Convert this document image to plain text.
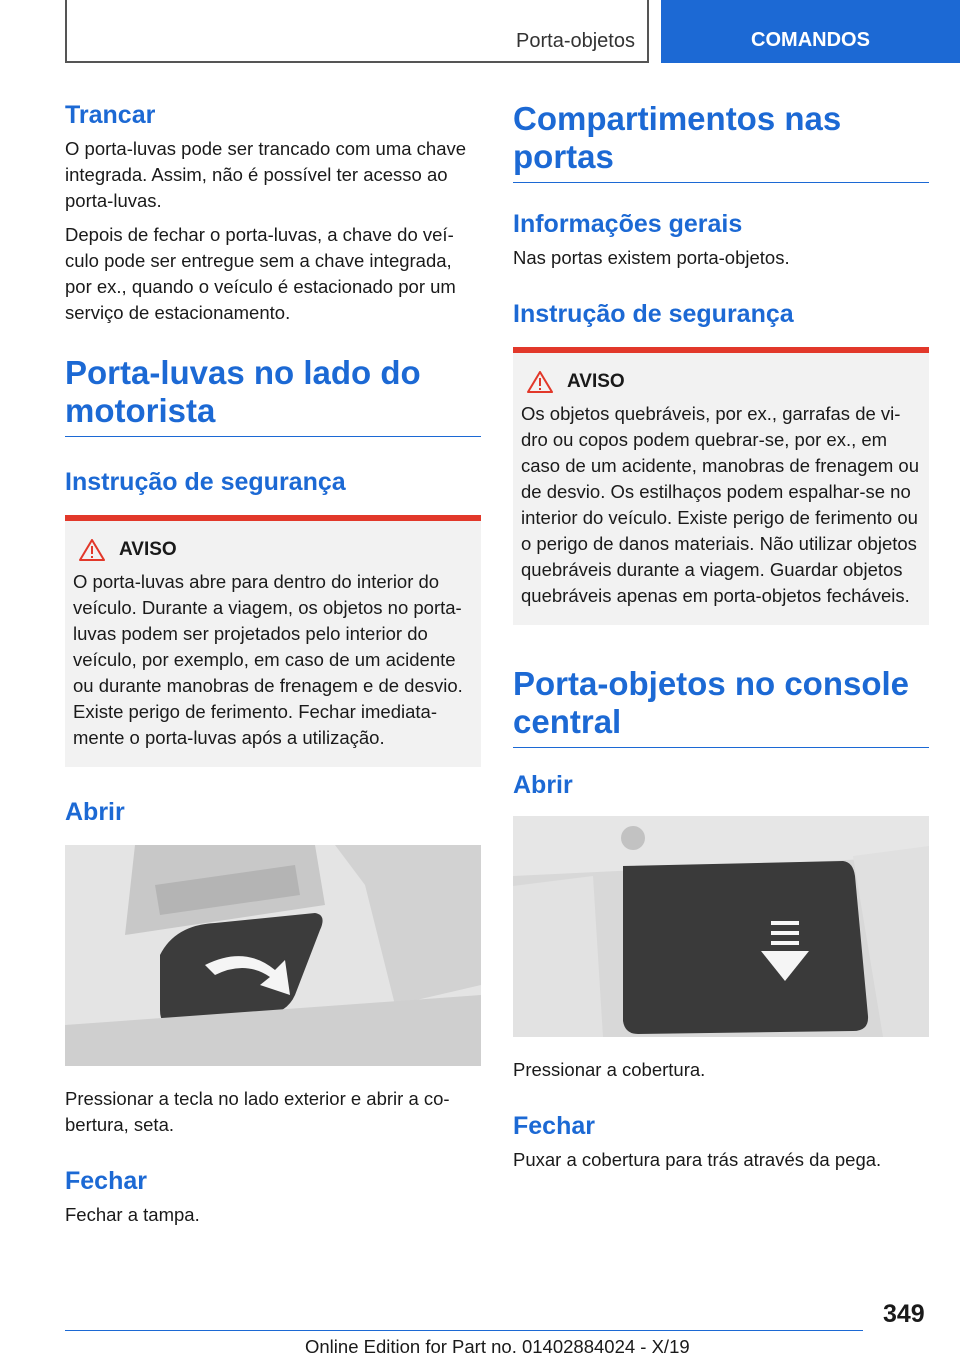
Porta-objetos	COMANDOS
Trancar

O porta-luvas pode ser trancado com uma chave integrada. Assim, não é possível ter acesso ao porta-luvas.

Depois de fechar o porta-luvas, a chave do veículo pode ser entregue sem a chave integrada, por ex., quando o veículo é estacionado por um serviço de estacionamento.

Porta-luvas no lado do motorista
Instrução de segurança
AVISO

O porta-luvas abre para dentro do interior do veículo. Durante a viagem, os objetos no porta-luvas podem ser projetados pelo interior do veículo, por exemplo, em caso de um acidente ou durante manobras de frenagem e de desvio. Existe perigo de ferimento. Fechar imediatamente o porta-luvas após a utilização.

Abrir

Pressionar a tecla no lado exterior e abrir a cobertura, seta.

Fechar

Fechar a tampa.

Compartimentos nas portas
Informações gerais

Nas portas existem porta-objetos.

Instrução de segurança
AVISO

Os objetos quebráveis, por ex., garrafas de vidro ou copos podem quebrar-se, por ex., em caso de um acidente, manobras de frenagem ou de desvio. Os estilhaços podem espalhar-se no interior do veículo. Existe perigo de ferimento ou o perigo de danos materiais. Não utilizar objetos quebráveis durante a viagem. Guardar objetos quebráveis apenas em porta-objetos fecháveis.

Porta-objetos no console central
Abrir

Pressionar a cobertura.

Fechar

Puxar a cobertura para trás através da pega.

349
Online Edition for Part no. 01402884024 - X/19
